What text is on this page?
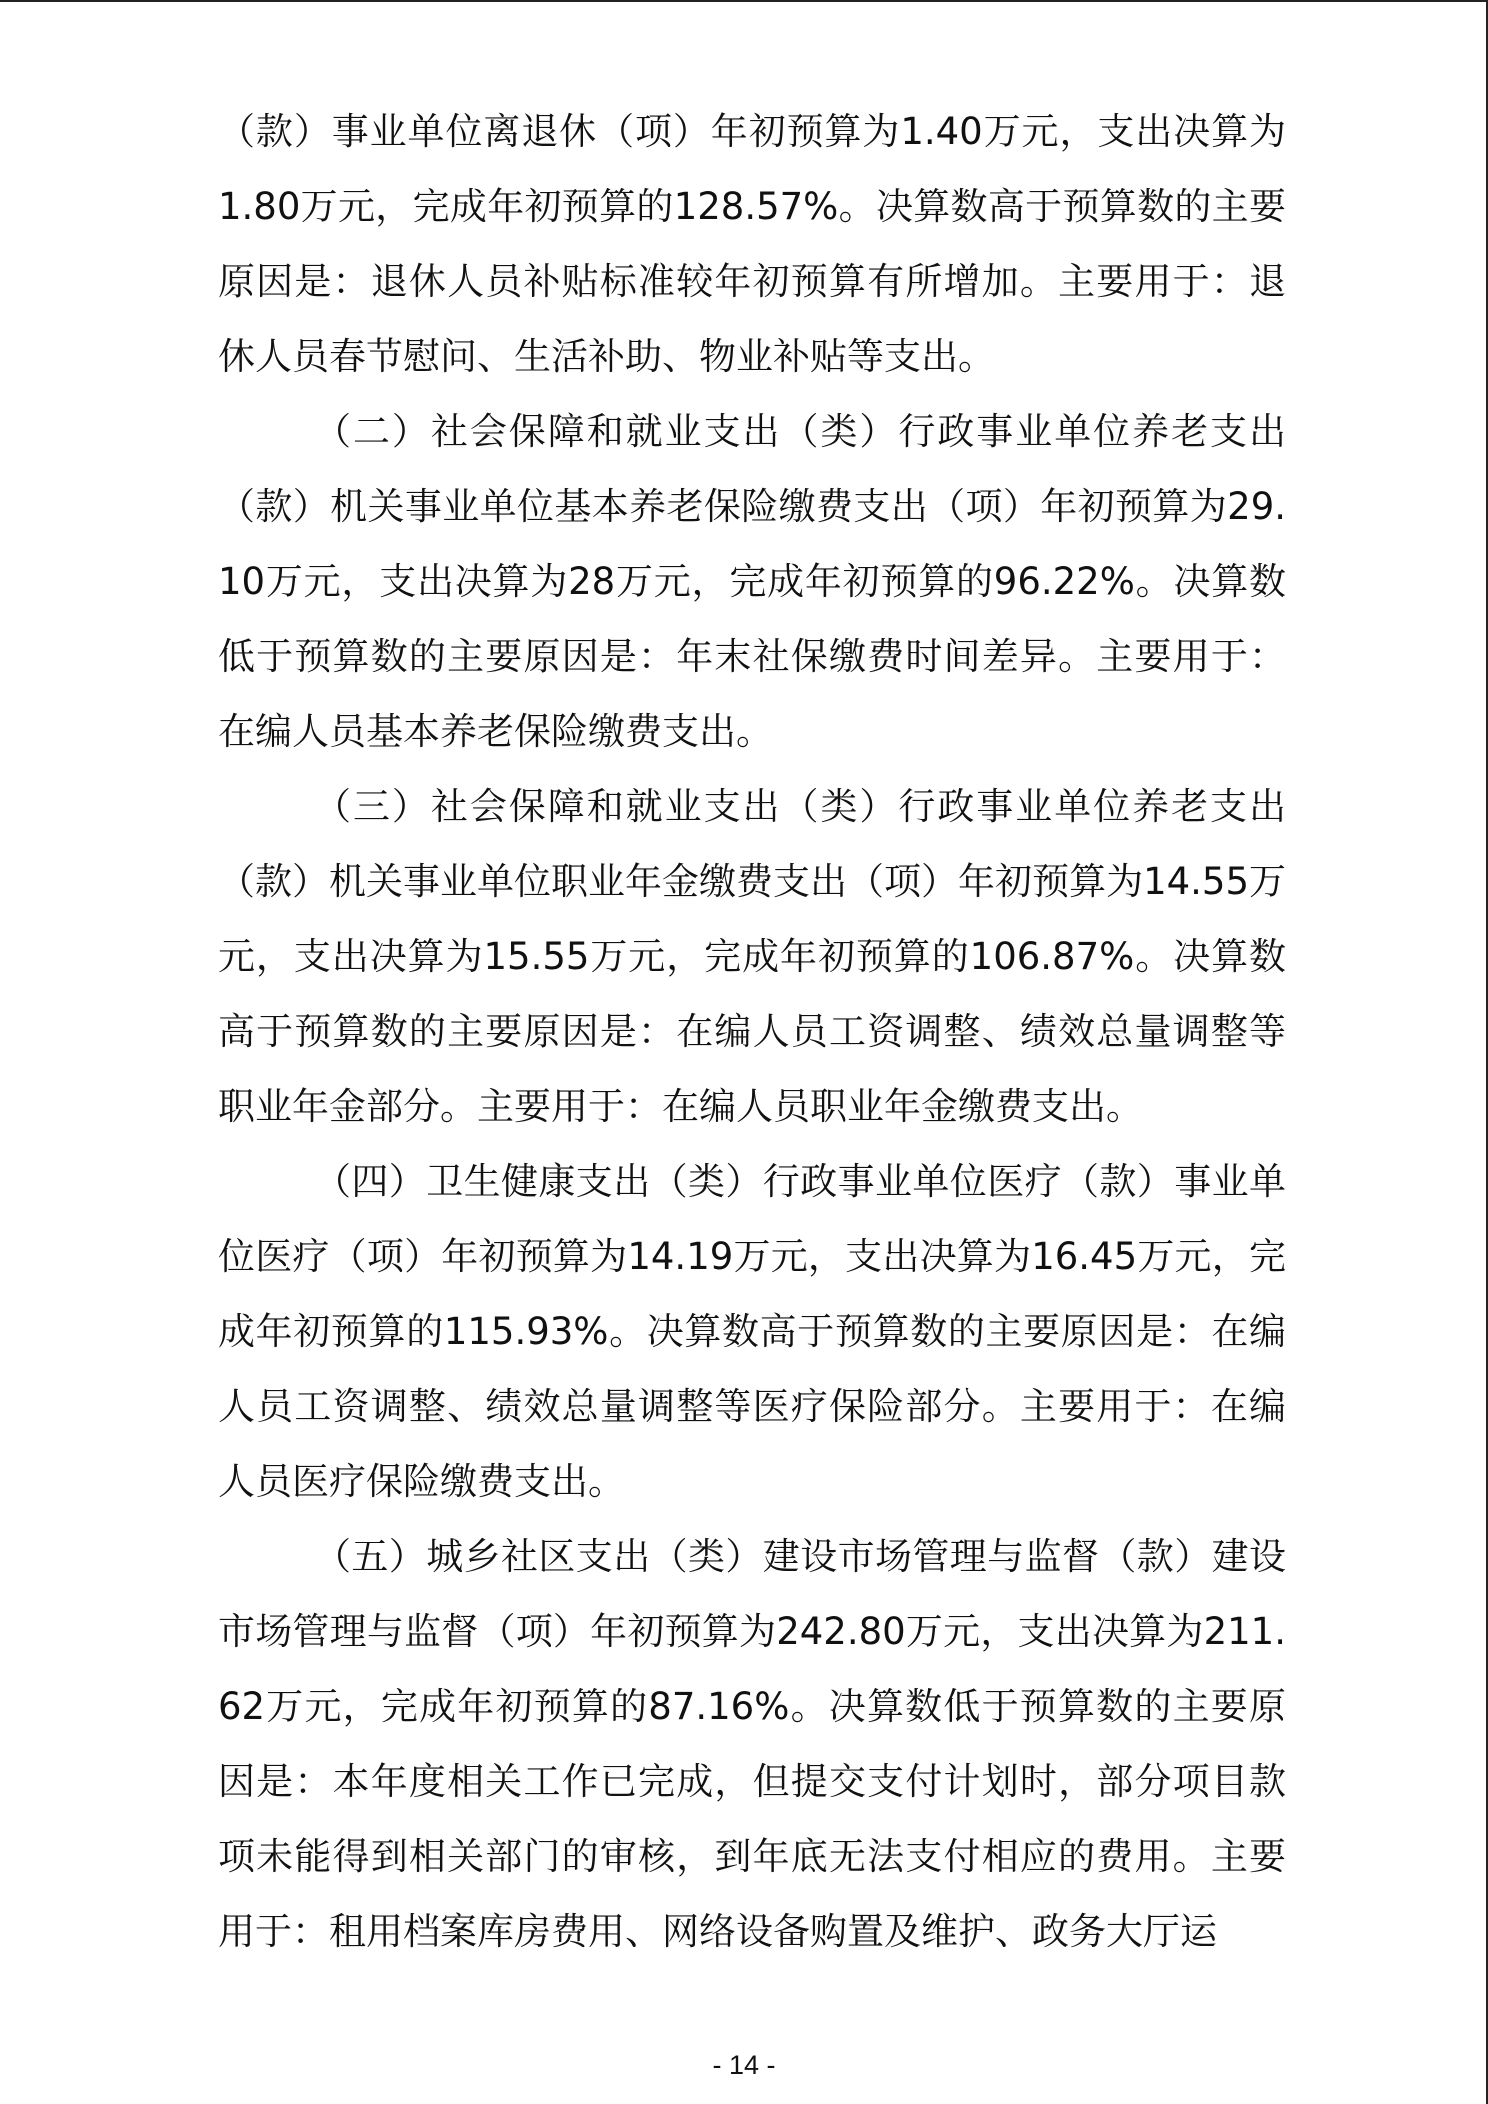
（款）事业单位离退休（项）年初预算为1.40万元，支出决算为1.80万元，完成年初预算的128.57%。决算数高于预算数的主要原因是：退休人员补贴标准较年初预算有所增加。主要用于：退休人员春节慰问、生活补助、物业补贴等支出。

（二）社会保障和就业支出（类）行政事业单位养老支出（款）机关事业单位基本养老保险缴费支出（项）年初预算为29.10万元，支出决算为28万元，完成年初预算的96.22%。决算数低于预算数的主要原因是：年末社保缴费时间差异。主要用于：在编人员基本养老保险缴费支出。

（三）社会保障和就业支出（类）行政事业单位养老支出（款）机关事业单位职业年金缴费支出（项）年初预算为14.55万元，支出决算为15.55万元，完成年初预算的106.87%。决算数高于预算数的主要原因是：在编人员工资调整、绩效总量调整等职业年金部分。主要用于：在编人员职业年金缴费支出。

（四）卫生健康支出（类）行政事业单位医疗（款）事业单位医疗（项）年初预算为14.19万元，支出决算为16.45万元，完成年初预算的115.93%。决算数高于预算数的主要原因是：在编人员工资调整、绩效总量调整等医疗保险部分。主要用于：在编人员医疗保险缴费支出。

（五）城乡社区支出（类）建设市场管理与监督（款）建设市场管理与监督（项）年初预算为242.80万元，支出决算为211.62万元，完成年初预算的87.16%。决算数低于预算数的主要原因是：本年度相关工作已完成，但提交支付计划时，部分项目款项未能得到相关部门的审核，到年底无法支付相应的费用。主要用于：租用档案库房费用、网络设备购置及维护、政务大厅运

- 14 -
